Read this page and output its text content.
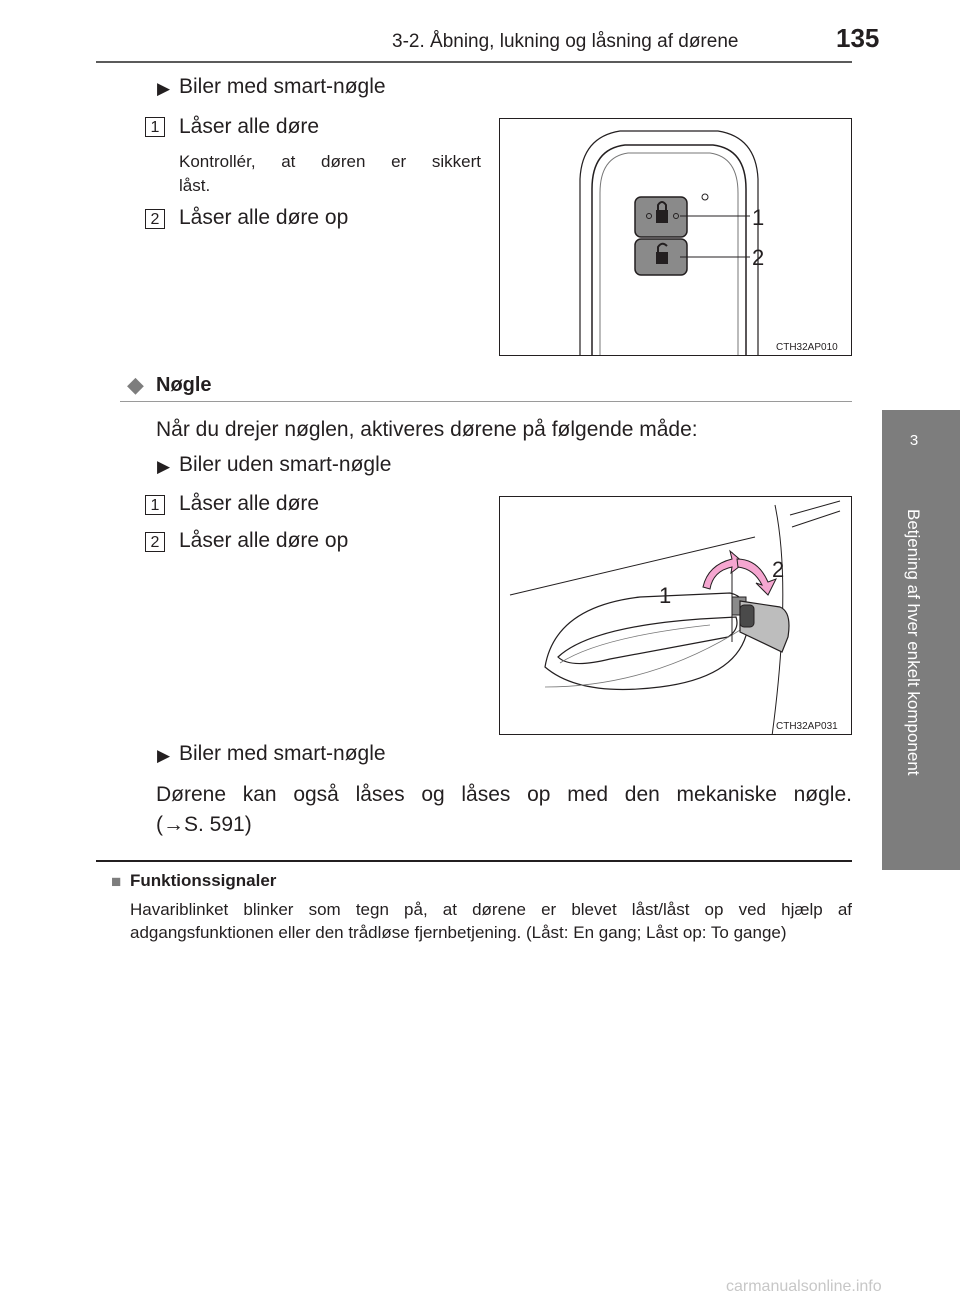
3-2. Åbning, lukning og låsning af dørene	135
3
Betjening af hver enkelt komponent
▶ Biler med smart-nøgle
1 Låser alle døre
Kontrollér, at døren er sikkert
låst.
2 Låser alle døre op	1
2
CTH32AP010
◆ Nøgle
Når du drejer nøglen, aktiveres dørene på følgende måde:
▶ Biler uden smart-nøgle
1 Låser alle døre
2 Låser alle døre op
1
2
CTH32AP031
▶ Biler med smart-nøgle
Dørene kan også låses og låses op med den mekaniske nøgle.
(→S. 591)
■ Funktionssignaler
Havariblinket blinker som tegn på, at dørene er blevet låst/låst op ved hjælp af adgangsfunktionen eller den trådløse fjernbetjening. (Låst: En gang; Låst op: To gange)
carmanualsonline.info
